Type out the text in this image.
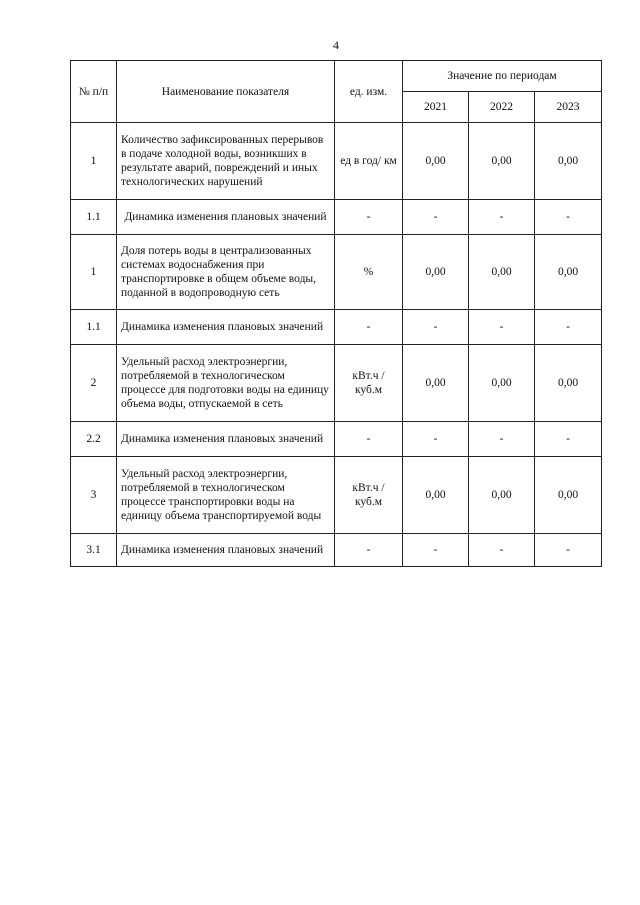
4
№ п/п	Наименование показателя	ед. изм.	Значение по периодам		
			2021	2022	2023
1	Количество зафиксированных перерывов в подаче холодной воды, возникших в результате аварий, повреждений и иных технологических нарушений	ед в год/ км	0,00	0,00	0,00
1.1	Динамика изменения плановых значений	-	-	-	-
1	Доля потерь воды в централизованных системах водоснабжения при транспортировке в общем объеме воды, поданной в водопроводную сеть	%	0,00	0,00	0,00
1.1	Динамика изменения плановых значений	-	-	-	-
2	Удельный расход электроэнергии, потребляемой в технологическом процессе для подготовки воды на единицу объема воды, отпускаемой в сеть	кВт.ч / куб.м	0,00	0,00	0,00
2.2	Динамика изменения плановых значений	-	-	-	-
3	Удельный расход электроэнергии, потребляемой в технологическом процессе транспортировки воды на единицу объема транспортируемой воды	кВт.ч / куб.м	0,00	0,00	0,00
3.1	Динамика изменения плановых значений	-	-	-	-
